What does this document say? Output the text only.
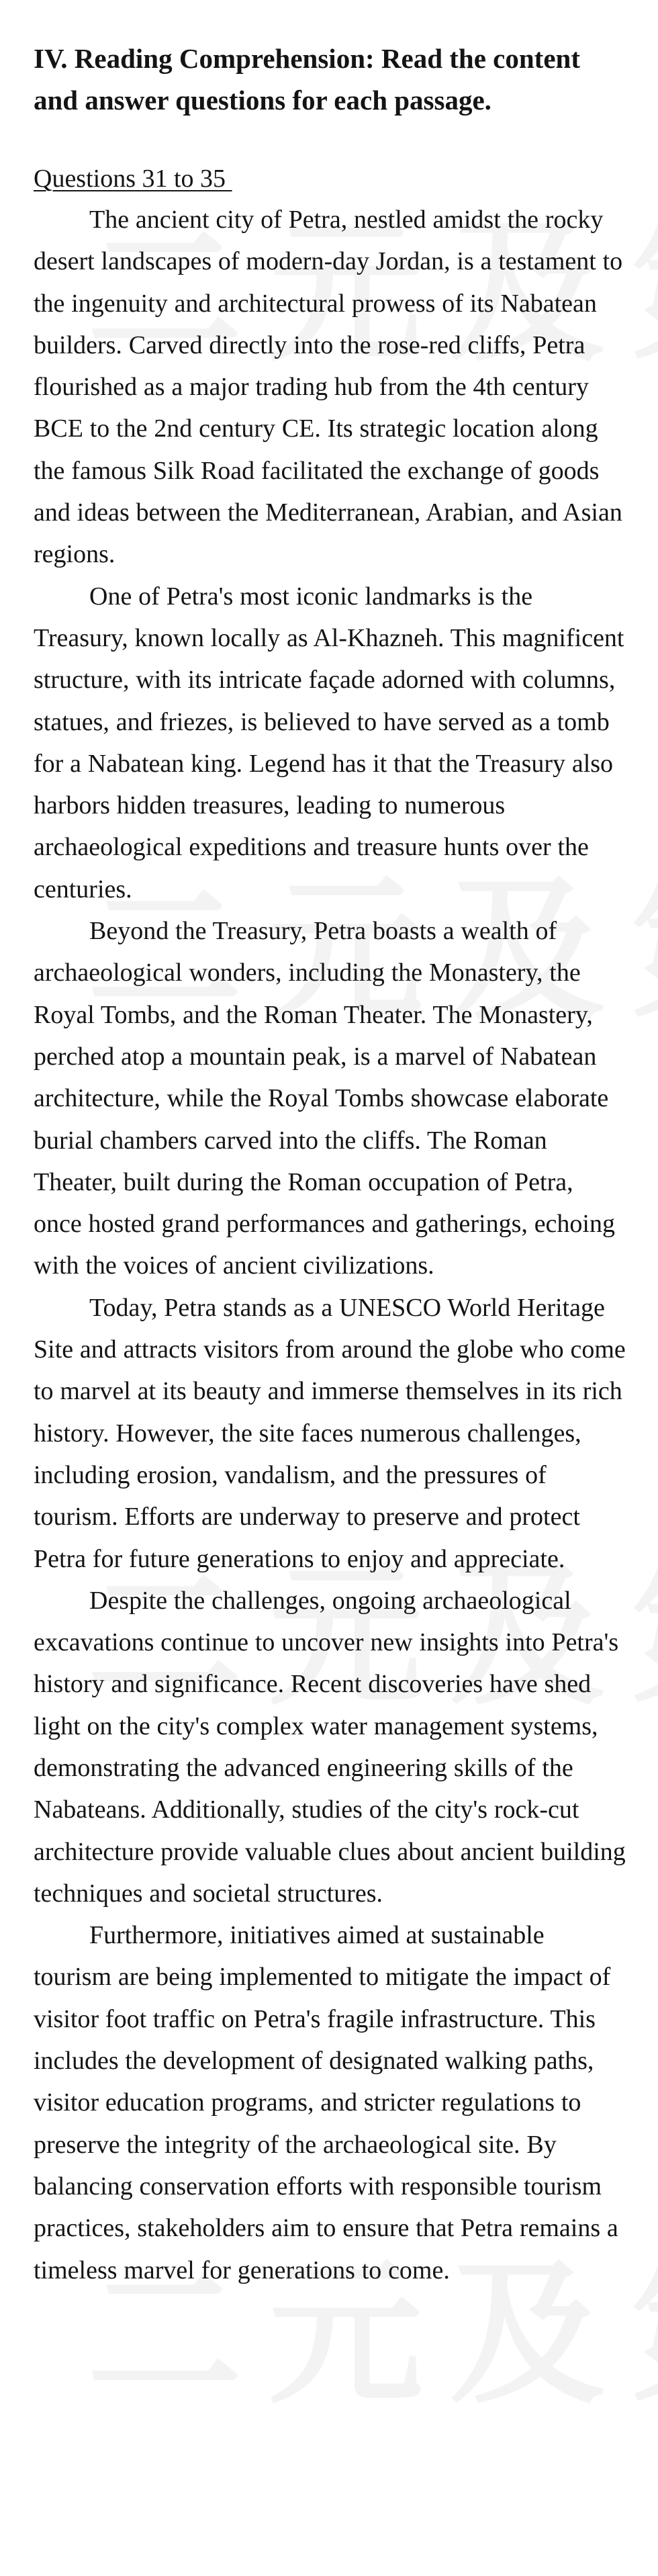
IV. Reading Comprehension: Read the content and answer questions for each passage.

Questions 31 to 35

The ancient city of Petra, nestled amidst the rocky desert landscapes of modern-day Jordan, is a testament to the ingenuity and architectural prowess of its Nabatean builders. Carved directly into the rose-red cliffs, Petra flourished as a major trading hub from the 4th century BCE to the 2nd century CE. Its strategic location along the famous Silk Road facilitated the exchange of goods and ideas between the Mediterranean, Arabian, and Asian regions.

One of Petra's most iconic landmarks is the Treasury, known locally as Al-Khazneh. This magnificent structure, with its intricate façade adorned with columns, statues, and friezes, is believed to have served as a tomb for a Nabatean king. Legend has it that the Treasury also harbors hidden treasures, leading to numerous archaeological expeditions and treasure hunts over the centuries.

Beyond the Treasury, Petra boasts a wealth of archaeological wonders, including the Monastery, the Royal Tombs, and the Roman Theater. The Monastery, perched atop a mountain peak, is a marvel of Nabatean architecture, while the Royal Tombs showcase elaborate burial chambers carved into the cliffs. The Roman Theater, built during the Roman occupation of Petra, once hosted grand performances and gatherings, echoing with the voices of ancient civilizations.

Today, Petra stands as a UNESCO World Heritage Site and attracts visitors from around the globe who come to marvel at its beauty and immerse themselves in its rich history. However, the site faces numerous challenges, including erosion, vandalism, and the pressures of tourism. Efforts are underway to preserve and protect Petra for future generations to enjoy and appreciate.

Despite the challenges, ongoing archaeological excavations continue to uncover new insights into Petra's history and significance. Recent discoveries have shed light on the city's complex water management systems, demonstrating the advanced engineering skills of the Nabateans. Additionally, studies of the city's rock-cut architecture provide valuable clues about ancient building techniques and societal structures.

Furthermore, initiatives aimed at sustainable tourism are being implemented to mitigate the impact of visitor foot traffic on Petra's fragile infrastructure. This includes the development of designated walking paths, visitor education programs, and stricter regulations to preserve the integrity of the archaeological site. By balancing conservation efforts with responsible tourism practices, stakeholders aim to ensure that Petra remains a timeless marvel for generations to come.
